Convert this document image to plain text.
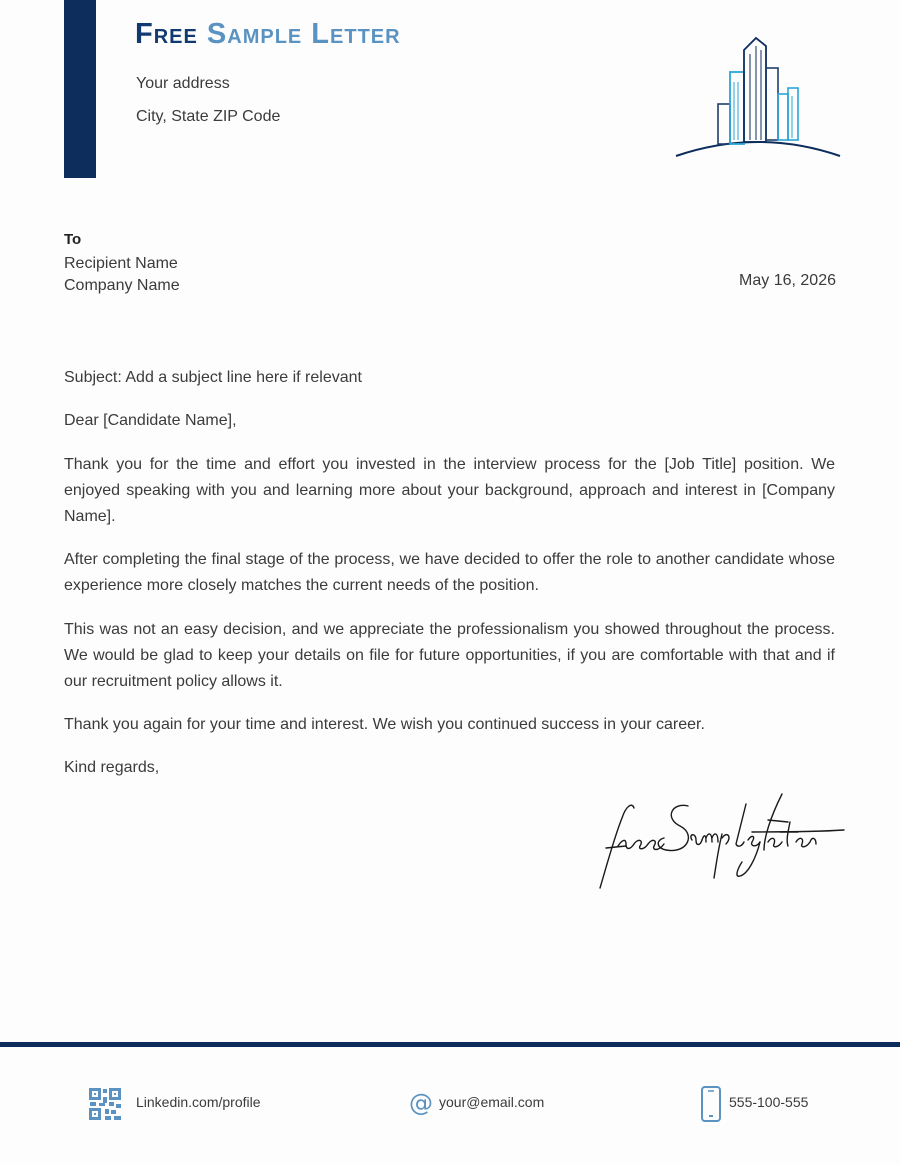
Free Sample Letter
Your address
City, State ZIP Code
To
Recipient Name
Company Name	May 16, 2026

Subject: Add a subject line here if relevant

Dear [Candidate Name],

Thank you for the time and effort you invested in the interview process for the [Job Title] position. We enjoyed speaking with you and learning more about your background, approach and interest in [Company Name].

After completing the final stage of the process, we have decided to offer the role to another candidate whose experience more closely matches the current needs of the position.

This was not an easy decision, and we appreciate the professionalism you showed throughout the process. We would be glad to keep your details on file for future opportunities, if you are comfortable with that and if our recruitment policy allows it.

Thank you again for your time and interest. We wish you continued success in your career.

Kind regards,

Linkedin.com/profile	@ your@email.com	555-100-555
